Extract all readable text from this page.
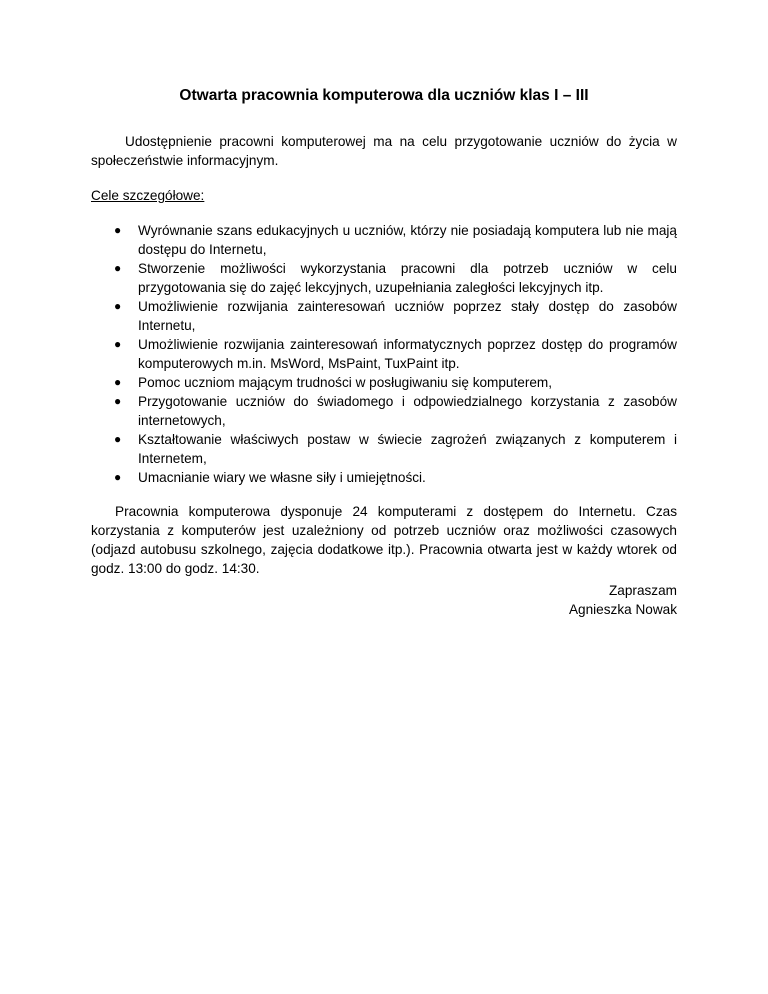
Otwarta pracownia komputerowa dla uczniów klas I – III

Udostępnienie pracowni komputerowej ma na celu przygotowanie uczniów do życia w społeczeństwie informacyjnym.

Cele szczegółowe:

● Wyrównanie szans edukacyjnych u uczniów, którzy nie posiadają komputera lub nie mają dostępu do Internetu,
● Stworzenie możliwości wykorzystania pracowni dla potrzeb uczniów w celu przygotowania się do zajęć lekcyjnych, uzupełniania zaległości lekcyjnych itp.
● Umożliwienie rozwijania zainteresowań uczniów poprzez stały dostęp do zasobów Internetu,
● Umożliwienie rozwijania zainteresowań informatycznych poprzez dostęp do programów komputerowych m.in. MsWord, MsPaint, TuxPaint itp.
● Pomoc uczniom mającym trudności w posługiwaniu się komputerem,
● Przygotowanie uczniów do świadomego i odpowiedzialnego korzystania z zasobów internetowych,
● Kształtowanie właściwych postaw w świecie zagrożeń związanych z komputerem i Internetem,
● Umacnianie wiary we własne siły i umiejętności.

Pracownia komputerowa dysponuje 24 komputerami z dostępem do Internetu. Czas korzystania z komputerów jest uzależniony od potrzeb uczniów oraz możliwości czasowych (odjazd autobusu szkolnego, zajęcia dodatkowe itp.). Pracownia otwarta jest w każdy wtorek od godz. 13:00 do godz. 14:30.

Zapraszam
Agnieszka Nowak
